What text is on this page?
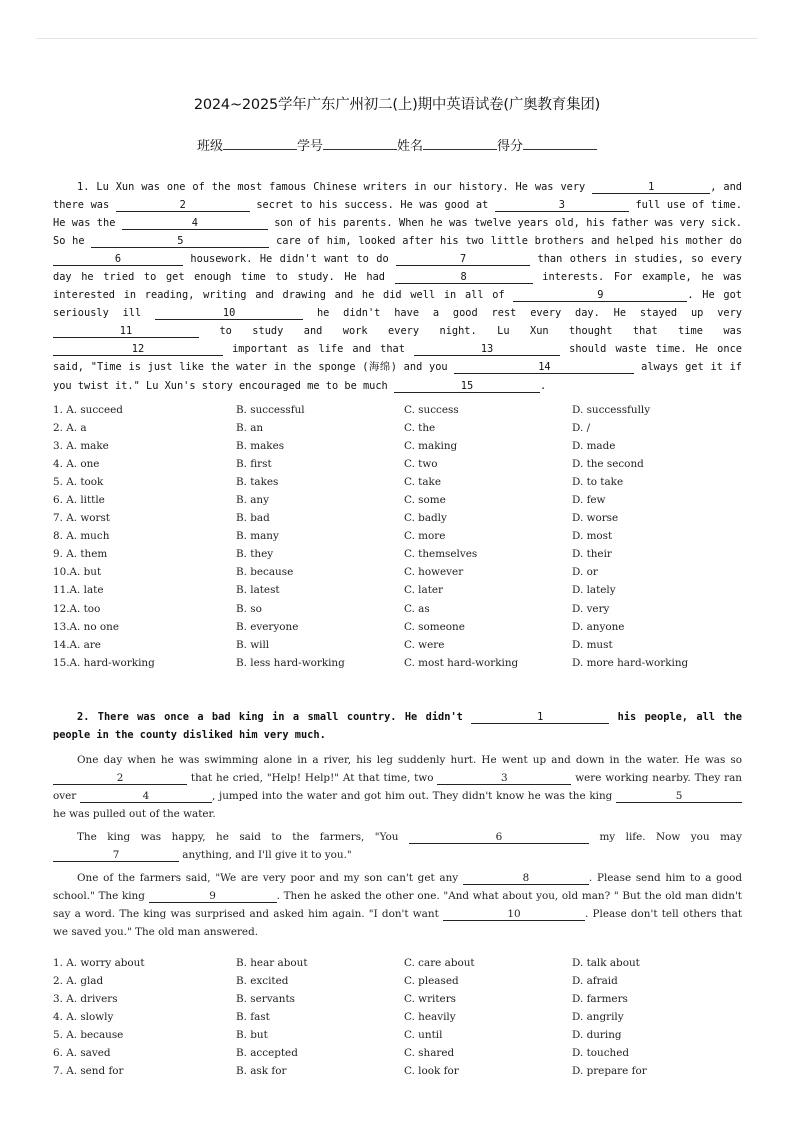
2024~2025学年广东广州初二(上)期中英语试卷(广奥教育集团)
班级	学号	姓名	得分

1. Lu Xun was one of the most famous Chinese writers in our history. He was very	1	, and there was	2	secret to his success. He was good at	3	full use of time. He was the	4	son of his parents. When he was twelve years old, his father was very sick. So he	5	care of him, looked after his two little brothers and helped his mother do 6	housework. He didn't want to do	7	than others in studies, so every day he tried to get enough time to study. He had	8	interests. For example, he was interested in reading, writing and drawing and he did well in all of	9	. He got seriously ill	10	he didn't have a good rest every day. He stayed up very 11	to study and work every night. Lu Xun thought that time was 12	important as life and that	13	should waste time. He once said, "Time is just like the water in the sponge (海绵) and you	14	always get it if you twist it." Lu Xun's story encouraged me to be much	15	.

1. A. succeed	B. successful	C. success	D. successfully
2. A. a	B. an	C. the	D. /
3. A. make	B. makes	C. making	D. made
4. A. one	B. first	C. two	D. the second
5. A. took	B. takes	C. take	D. to take
6. A. little	B. any	C. some	D. few
7. A. worst	B. bad	C. badly	D. worse
8. A. much	B. many	C. more	D. most
9. A. them	B. they	C. themselves	D. their
10.A. but	B. because	C. however	D. or
11.A. late	B. latest	C. later	D. lately
12.A. too	B. so	C. as	D. very
13.A. no one	B. everyone	C. someone	D. anyone
14.A. are	B. will	C. were	D. must
15.A. hard-working	B. less hard-working	C. most hard-working	D. more hard-working

2. There was once a bad king in a small country. He didn't	1	his people, all the people in the county disliked him very much.

One day when he was swimming alone in a river, his leg suddenly hurt. He went up and down in the water. He was so 2	that he cried, "Help! Help!" At that time, two	3	were working nearby. They ran over	4	, jumped into the water and got him out. They didn't know he was the king	5 he was pulled out of the water.

The king was happy, he said to the farmers, "You	6	my life. Now you may 7	anything, and I'll give it to you."

One of the farmers said, "We are very poor and my son can't get any	8	. Please send him to a good school." The king	9	. Then he asked the other one. "And what about you, old man? " But the old man didn't say a word. The king was surprised and asked him again. "I don't want	10	. Please don't tell others that we saved you." The old man answered.

1. A. worry about	B. hear about	C. care about	D. talk about
2. A. glad	B. excited	C. pleased	D. afraid
3. A. drivers	B. servants	C. writers	D. farmers
4. A. slowly	B. fast	C. heavily	D. angrily
5. A. because	B. but	C. until	D. during
6. A. saved	B. accepted	C. shared	D. touched
7. A. send for	B. ask for	C. look for	D. prepare for
